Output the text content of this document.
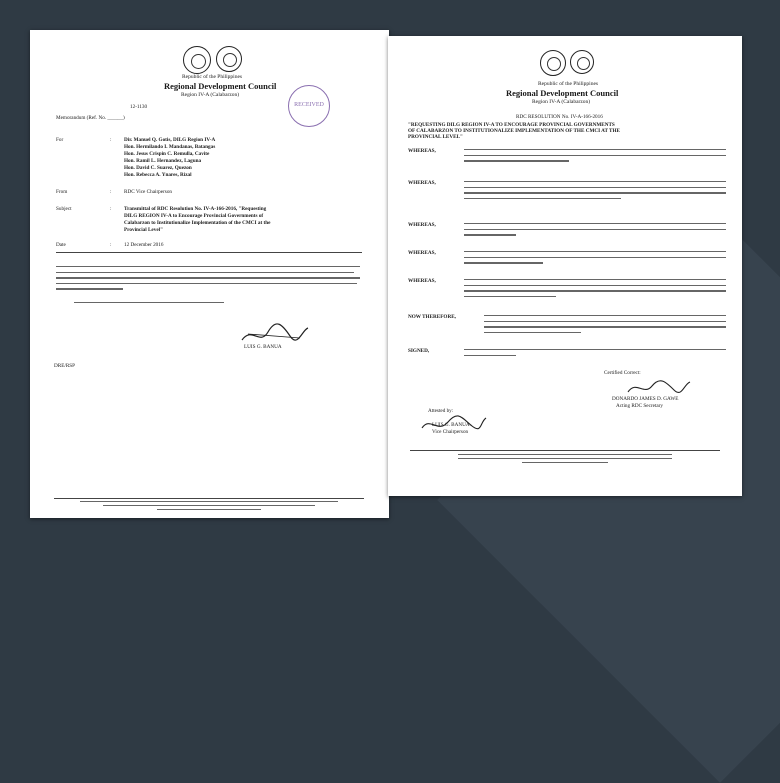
Republic of the Philippines
Regional Development Council
Region IV-A (Calabarzon)
RECEIVED
12-1130
Memorandum (Ref. No. ______)
For	: Dir. Manuel Q. Gotis, DILG Region IV-A
Hon. Hermilando I. Mandanas, Batangas
Hon. Jesus Crispin C. Remulla, Cavite
Hon. Ramil L. Hernandez, Laguna
Hon. David C. Suarez, Quezon
Hon. Rebecca A. Ynares, Rizal
From	: RDC Vice Chairperson
Subject	: Transmittal of RDC Resolution No. IV-A-166-2016, "Requesting
DILG REGION IV-A to Encourage Provincial Governments of
Calabarzon to Institutionalize Implementation of the CMCI at the
Provincial Level"
Date	: 12 December 2016
LUIS G. BANUA
DRE/RSP
Republic of the Philippines
Regional Development Council
Region IV-A (Calabarzon)
RDC RESOLUTION No. IV-A-166-2016
"REQUESTING DILG REGION IV-A TO ENCOURAGE PROVINCIAL GOVERNMENTS
OF CALABARZON TO INSTITUTIONALIZE IMPLEMENTATION OF THE CMCI AT THE
PROVINCIAL LEVEL"
WHEREAS,
WHEREAS,
WHEREAS,
WHEREAS,
WHEREAS,
NOW THEREFORE,
SIGNED,
Certified Correct:
DONARDO JAMES D. GAWE
Acting RDC Secretary
Attested by:
LUIS G. BANUA
Vice Chairperson
